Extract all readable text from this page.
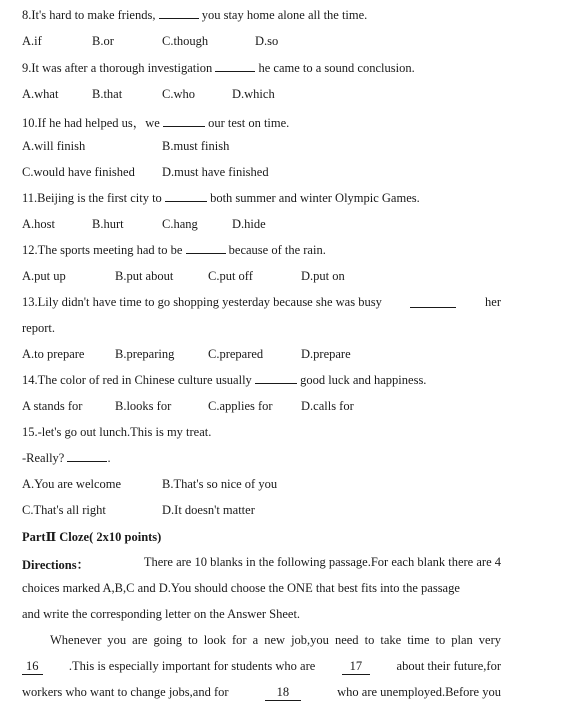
8.It's hard to make friends,	you stay home alone all the time.
A.if	B.or	C.though	D.so
9.It was after a thorough investigation	he came to a sound conclusion.
A.what	B.that	C.who	D.which
10.If he had helped us，we	our test on time.
A.will finish	B.must finish
C.would have finished D.must have finished
11.Beijing is the first city to	both summer and winter Olympic Games.
A.host	B.hurt	C.hang	D.hide
12.The sports meeting had to be	because of the rain.
A.put up	B.put about	C.put off	D.put on
13.Lily didn't have time to go shopping yesterday because she was busy	her
report.
A.to prepare B.preparing	C.prepared	D.prepare
14.The color of red in Chinese culture usually	good luck and happiness.
A stands for	B.looks for	C.applies for D.calls for
15.-let's go out lunch.This is my treat.
-Really?	.
A.You are welcome	B.That's so nice of you
C.That's all right	D.It doesn't matter
PartⅡ Cloze( 2x10 points)
Directions：	There are 10 blanks in the following passage.For each blank there are 4
choices marked A,B,C and D.You should choose the ONE that best fits into the passage
and write the corresponding letter on the Answer Sheet.
Whenever you are going to look for a new job,you need to take time to plan very
16	.This is especially important for students who are	17	about their future,for
workers who want to change jobs,and for	18	who are unemployed.Before you
